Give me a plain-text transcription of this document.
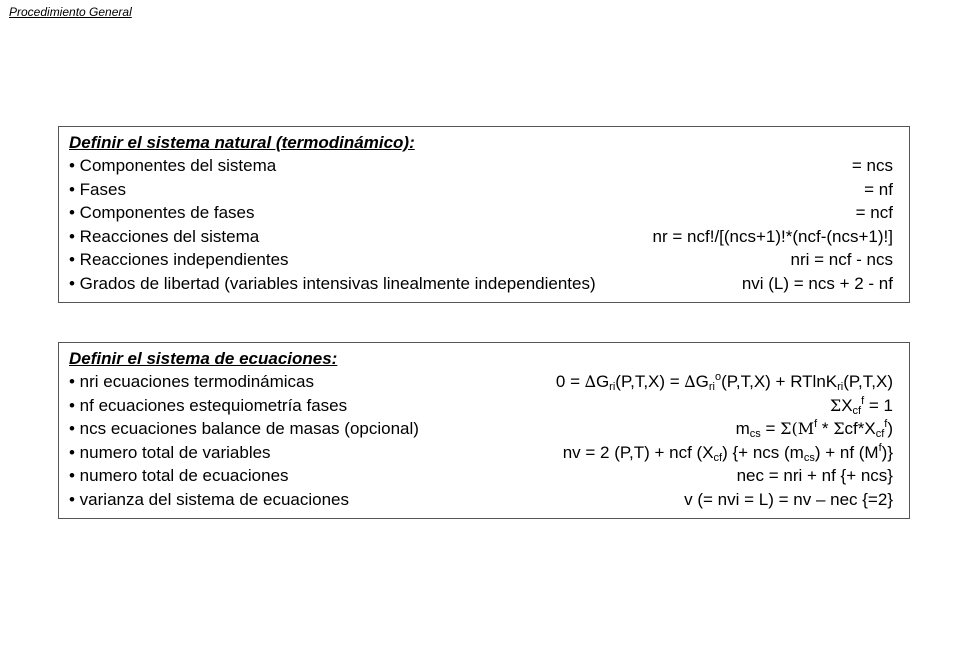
Procedimiento General
Definir el sistema natural (termodinámico):
• Componentes del sistema	= ncs
• Fases	= nf
• Componentes de fases	= ncf
• Reacciones del sistema	nr = ncf!/[(ncs+1)!*(ncf-(ncs+1)!]
• Reacciones independientes	nri = ncf - ncs
• Grados de libertad (variables intensivas linealmente independientes)	nvi (L) = ncs + 2 - nf
Definir el sistema de ecuaciones:
• nri ecuaciones termodinámicas	$0 = \Delta G_{ri}(P,T,X) = \Delta G_{ri}^o(P,T,X) + RTlnK_{ri}(P,T,X)$
• nf ecuaciones estequiometría fases	$\Sigma X_{cf}^f = 1$
• ncs ecuaciones balance de masas (opcional)	$m_{cs} = \Sigma(M^f * \Sigma cf*X_{cf}^f)$
• numero total de variables	nv = 2 (P,T) + ncf $(X_{cf})$ {+ ncs $(m_{cs})$ + nf $(M^f)$}
• numero total de ecuaciones	nec = nri + nf {+ ncs}
• varianza del sistema de ecuaciones	v (= nvi = L) = nv – nec {=2}
